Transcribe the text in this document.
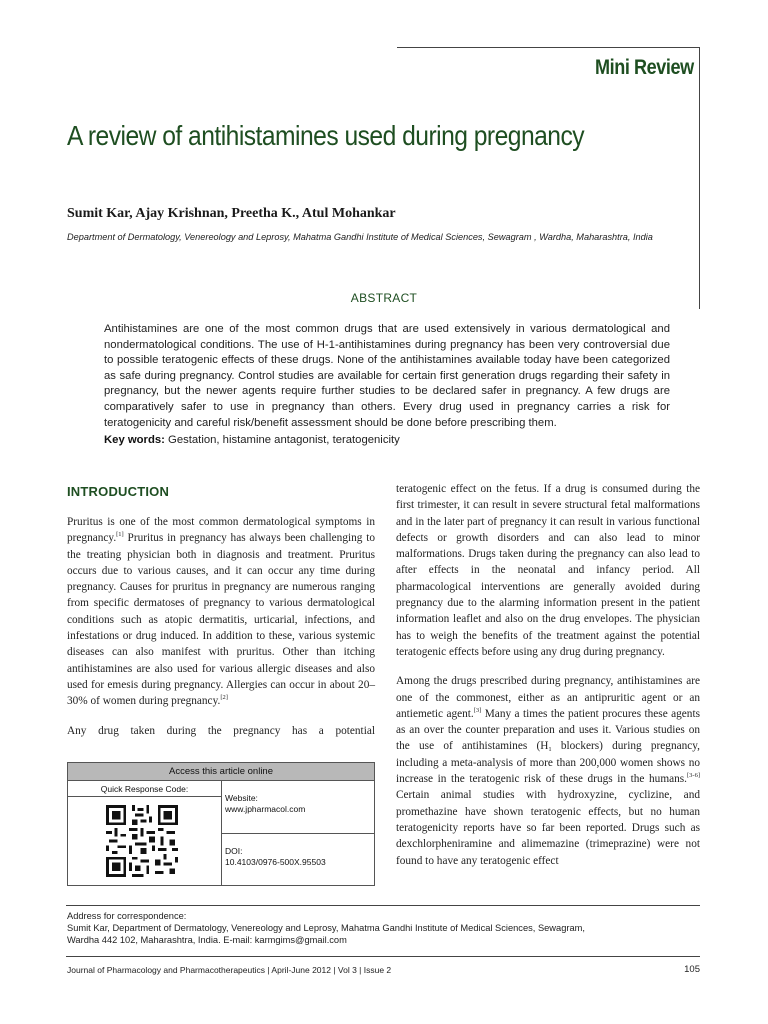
Mini Review
A review of antihistamines used during pregnancy
Sumit Kar, Ajay Krishnan, Preetha K., Atul Mohankar
Department of Dermatology, Venereology and Leprosy, Mahatma Gandhi Institute of Medical Sciences, Sewagram , Wardha, Maharashtra, India
ABSTRACT
Antihistamines are one of the most common drugs that are used extensively in various dermatological and nondermatological conditions. The use of H-1-antihistamines during pregnancy has been very controversial due to possible teratogenic effects of these drugs. None of the antihistamines available today have been categorized as safe during pregnancy. Control studies are available for certain first generation drugs regarding their safety in pregnancy, but the newer agents require further studies to be declared safer in pregnancy. A few drugs are comparatively safer to use in pregnancy than others. Every drug used in pregnancy carries a risk for teratogenicity and careful risk/benefit assessment should be done before prescribing them.
Key words: Gestation, histamine antagonist, teratogenicity
INTRODUCTION

Pruritus is one of the most common dermatological symptoms in pregnancy.[1] Pruritus in pregnancy has always been challenging to the treating physician both in diagnosis and treatment. Pruritus occurs due to various causes, and it can occur any time during pregnancy. Causes for pruritus in pregnancy are numerous ranging from specific dermatoses of pregnancy to various dermatological conditions such as atopic dermatitis, urticarial, infections, and infestations or drug induced. In addition to these, various systemic diseases can also manifest with pruritus. Other than itching antihistamines are also used for various allergic diseases and also used for emesis during pregnancy. Allergies can occur in about 20–30% of women during pregnancy.[2]

Any drug taken during the pregnancy has a potential

Access this article online
Quick Response Code:
Website:
www.jpharmacol.com
DOI:
10.4103/0976-500X.95503

teratogenic effect on the fetus. If a drug is consumed during the first trimester, it can result in severe structural fetal malformations and in the later part of pregnancy it can result in various functional defects or growth disorders and can also lead to minor malformations. Drugs taken during the pregnancy can also lead to after effects in the neonatal and infancy period. All pharmacological interventions are generally avoided during pregnancy due to the alarming information present in the patient information leaflet and also on the drug envelopes. The physician has to weigh the benefits of the treatment against the potential teratogenic effects before using any drug during pregnancy.

Among the drugs prescribed during pregnancy, antihistamines are one of the commonest, either as an antipruritic agent or an antiemetic agent.[3] Many a times the patient procures these agents as an over the counter preparation and uses it. Various studies on the use of antihistamines ($H_1$ blockers) during pregnancy, including a meta-analysis of more than 200,000 women shows no increase in the teratogenic risk of these drugs in the humans.[3-6] Certain animal studies with hydroxyzine, cyclizine, and promethazine have shown teratogenic effects, but no human teratogenicity reports have so far been reported. Drugs such as dexchlorpheniramine and alimemazine (trimeprazine) were not found to have any teratogenic effect

Address for correspondence:
Sumit Kar, Department of Dermatology, Venereology and Leprosy, Mahatma Gandhi Institute of Medical Sciences, Sewagram,
Wardha 442 102, Maharashtra, India. E-mail: karmgims@gmail.com
Journal of Pharmacology and Pharmacotherapeutics | April-June 2012 | Vol 3 | Issue 2	105
